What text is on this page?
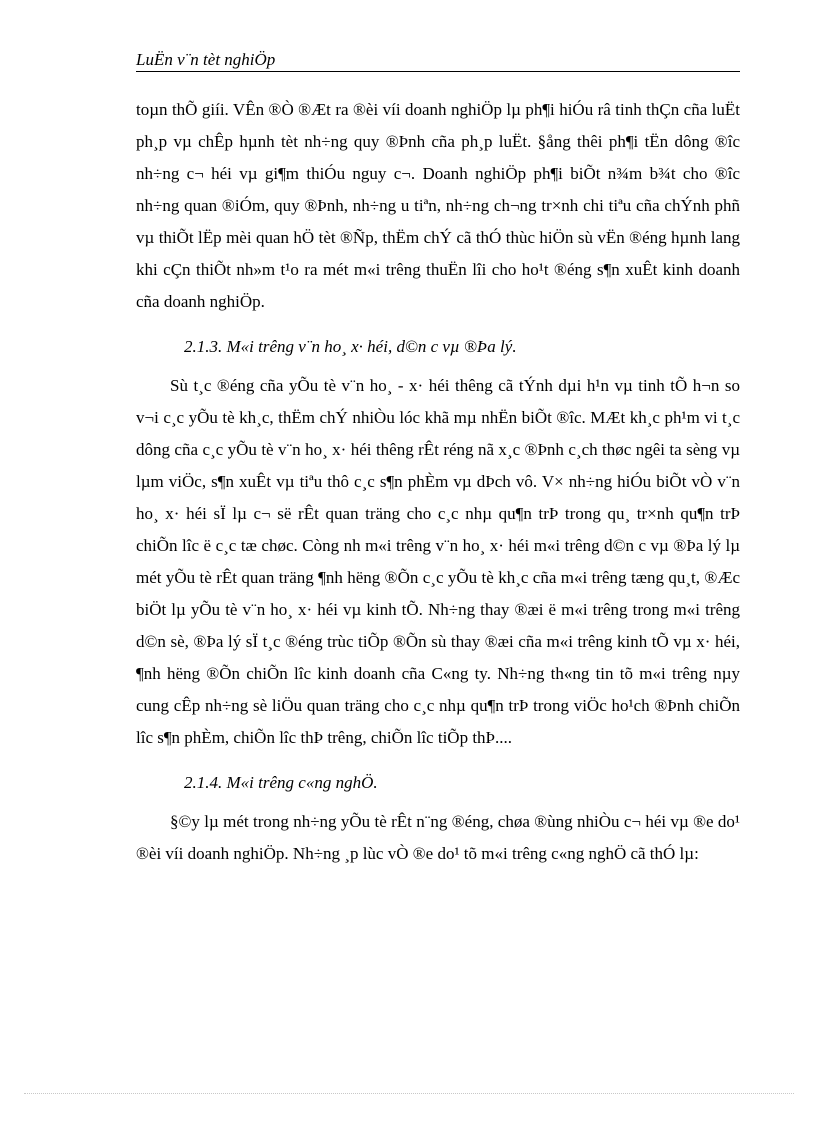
LuËn v¨n tèt nghiÖp

toµn thÕ giíi. VÊn ®Ò ®Æt ra ®èi víi doanh nghiÖp lµ ph¶i hiÓu râ tinh thÇn cña luËt ph¸p vµ chÊp hµnh tèt nh÷ng quy ®Þnh cña ph¸p luËt. §ång thêi ph¶i tËn dông ®îc nh÷ng c¬ héi vµ gi¶m thiÓu nguy c¬. Doanh nghiÖp ph¶i biÕt n¾m b¾t cho ®îc nh÷ng quan ®iÓm, quy ®Þnh, nh÷ng u tiªn, nh÷ng ch¬ng tr×nh chi tiªu cña chÝnh phñ vµ thiÕt lËp mèi quan hÖ tèt ®Ñp, thËm chÝ cã thÓ thùc hiÖn sù vËn ®éng hµnh lang khi cÇn thiÕt nh»m t¹o ra mét m«i trêng thuËn lîi cho ho¹t ®éng s¶n xuÊt kinh doanh cña doanh nghiÖp.

2.1.3. M«i trêng v¨n ho¸ x· héi, d©n c vµ ®Þa lý.

Sù t¸c ®éng cña yÕu tè v¨n ho¸ - x· héi thêng cã tÝnh dµi h¹n vµ tinh tÕ h¬n so v¬i c¸c yÕu tè kh¸c, thËm chÝ nhiÒu lóc khã mµ nhËn biÕt ®îc. MÆt kh¸c ph¹m vi t¸c dông cña c¸c yÕu tè v¨n ho¸ x· héi thêng rÊt réng nã x¸c ®Þnh c¸ch thøc ngêi ta sèng vµ lµm viÖc, s¶n xuÊt vµ tiªu thô c¸c s¶n phÈm vµ dÞch vô. V× nh÷ng hiÓu biÕt vÒ v¨n ho¸ x· héi sÏ lµ c¬ së rÊt quan träng cho c¸c nhµ qu¶n trÞ trong qu¸ tr×nh qu¶n trÞ chiÕn lîc ë c¸c tæ chøc. Còng nh m«i trêng v¨n ho¸ x· héi m«i trêng d©n c vµ ®Þa lý lµ mét yÕu tè rÊt quan träng ¶nh hëng ®Õn c¸c yÕu tè kh¸c cña m«i trêng tæng qu¸t, ®Æc biÖt lµ yÕu tè v¨n ho¸ x· héi vµ kinh tÕ. Nh÷ng thay ®æi ë m«i trêng trong m«i trêng d©n sè, ®Þa lý sÏ t¸c ®éng trùc tiÕp ®Õn sù thay ®æi cña m«i trêng kinh tÕ vµ x· héi, ¶nh hëng ®Õn chiÕn lîc kinh doanh cña C«ng ty. Nh÷ng th«ng tin tõ m«i trêng nµy cung cÊp nh÷ng sè liÖu quan träng cho c¸c nhµ qu¶n trÞ trong viÖc ho¹ch ®Þnh chiÕn lîc s¶n phÈm, chiÕn lîc thÞ trêng, chiÕn lîc tiÕp thÞ....

2.1.4. M«i trêng c«ng nghÖ.

§©y lµ mét trong nh÷ng yÕu tè rÊt n¨ng ®éng, chøa ®ùng nhiÒu c¬ héi vµ ®e do¹ ®èi víi doanh nghiÖp. Nh÷ng ¸p lùc vÒ ®e do¹ tõ m«i trêng c«ng nghÖ cã thÓ lµ:
